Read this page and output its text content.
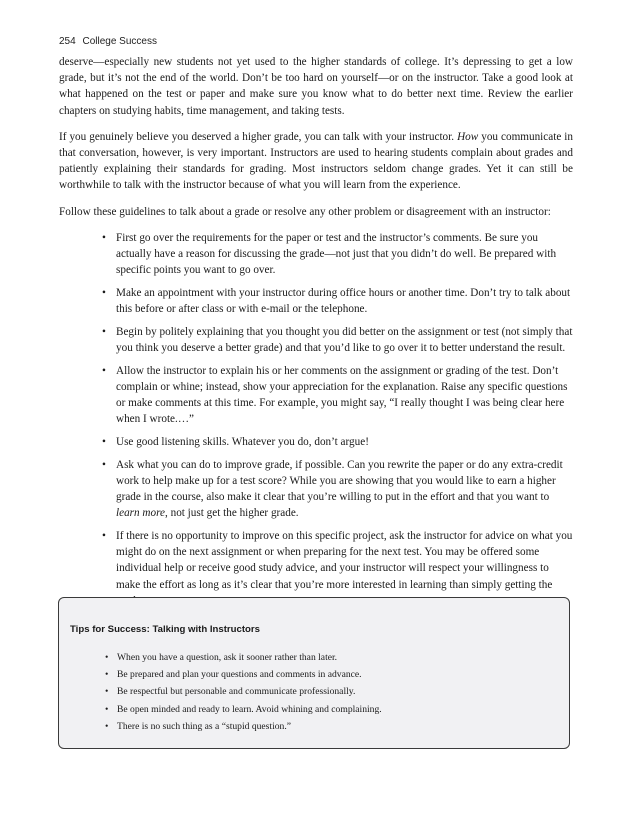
254 College Success

deserve—especially new students not yet used to the higher standards of college. It’s depressing to get a low grade, but it’s not the end of the world. Don’t be too hard on yourself—or on the instructor. Take a good look at what happened on the test or paper and make sure you know what to do better next time. Review the earlier chapters on studying habits, time management, and taking tests.

If you genuinely believe you deserved a higher grade, you can talk with your instructor. How you communicate in that conversation, however, is very important. Instructors are used to hearing students complain about grades and patiently explaining their standards for grading. Most instructors seldom change grades. Yet it can still be worthwhile to talk with the instructor because of what you will learn from the experience.

Follow these guidelines to talk about a grade or resolve any other problem or disagreement with an instructor:

• First go over the requirements for the paper or test and the instructor’s comments. Be sure you actually have a reason for discussing the grade—not just that you didn’t do well. Be prepared with specific points you want to go over.
• Make an appointment with your instructor during office hours or another time. Don’t try to talk about this before or after class or with e-mail or the telephone.
• Begin by politely explaining that you thought you did better on the assignment or test (not simply that you think you deserve a better grade) and that you’d like to go over it to better understand the result.
• Allow the instructor to explain his or her comments on the assignment or grading of the test. Don’t complain or whine; instead, show your appreciation for the explanation. Raise any specific questions or make comments at this time. For example, you might say, “I really thought I was being clear here when I wrote.…”
• Use good listening skills. Whatever you do, don’t argue!
• Ask what you can do to improve grade, if possible. Can you rewrite the paper or do any extra-credit work to help make up for a test score? While you are showing that you would like to earn a higher grade in the course, also make it clear that you’re willing to put in the effort and that you want to learn more, not just get the higher grade.
• If there is no opportunity to improve on this specific project, ask the instructor for advice on what you might do on the next assignment or when preparing for the next test. You may be offered some individual help or receive good study advice, and your instructor will respect your willingness to make the effort as long as it’s clear that you’re more interested in learning than simply getting the
Tips for Success: Talking with Instructors
• When you have a question, ask it sooner rather than later.
• Be prepared and plan your questions and comments in advance.
• Be respectful but personable and communicate professionally.
• Be open minded and ready to learn. Avoid whining and complaining.
• There is no such thing as a “stupid question.”
